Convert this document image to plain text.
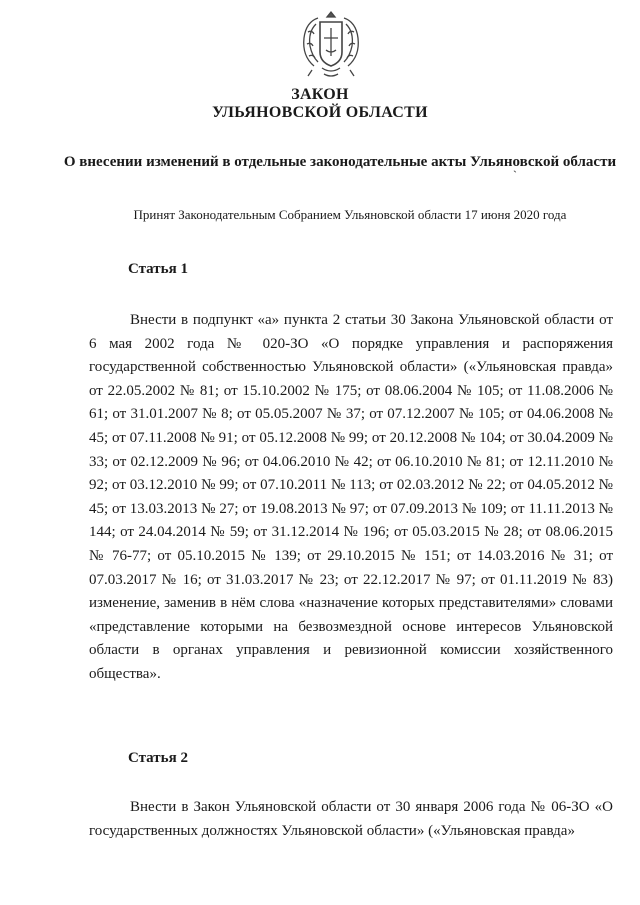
ЗАКОН
УЛЬЯНОВСКОЙ ОБЛАСТИ
О внесении изменений в отдельные законодательные акты Ульяновской области
`
Принят Законодательным Собранием Ульяновской области 17 июня 2020 года
Статья 1

Внести в подпункт «а» пункта 2 статьи 30 Закона Ульяновской области от 6 мая 2002 года № 020-ЗО «О порядке управления и распоряжения государственной собственностью Ульяновской области» («Ульяновская правда» от 22.05.2002 № 81; от 15.10.2002 № 175; от 08.06.2004 № 105; от 11.08.2006 № 61; от 31.01.2007 № 8; от 05.05.2007 № 37; от 07.12.2007 № 105; от 04.06.2008 № 45; от 07.11.2008 № 91; от 05.12.2008 № 99; от 20.12.2008 № 104; от 30.04.2009 № 33; от 02.12.2009 № 96; от 04.06.2010 № 42; от 06.10.2010 № 81; от 12.11.2010 № 92; от 03.12.2010 № 99; от 07.10.2011 № 113; от 02.03.2012 № 22; от 04.05.2012 № 45; от 13.03.2013 № 27; от 19.08.2013 № 97; от 07.09.2013 № 109; от 11.11.2013 № 144; от 24.04.2014 № 59; от 31.12.2014 № 196; от 05.03.2015 № 28; от 08.06.2015 № 76-77; от 05.10.2015 № 139; от 29.10.2015 № 151; от 14.03.2016 № 31; от 07.03.2017 № 16; от 31.03.2017 № 23; от 22.12.2017 № 97; от 01.11.2019 № 83) изменение, заменив в нём слова «назначение которых представителями» словами «представление которыми на безвозмездной основе интересов Ульяновской области в органах управления и ревизионной комиссии хозяйственного общества».

Статья 2

Внести в Закон Ульяновской области от 30 января 2006 года № 06-ЗО «О государственных должностях Ульяновской области» («Ульяновская правда»
